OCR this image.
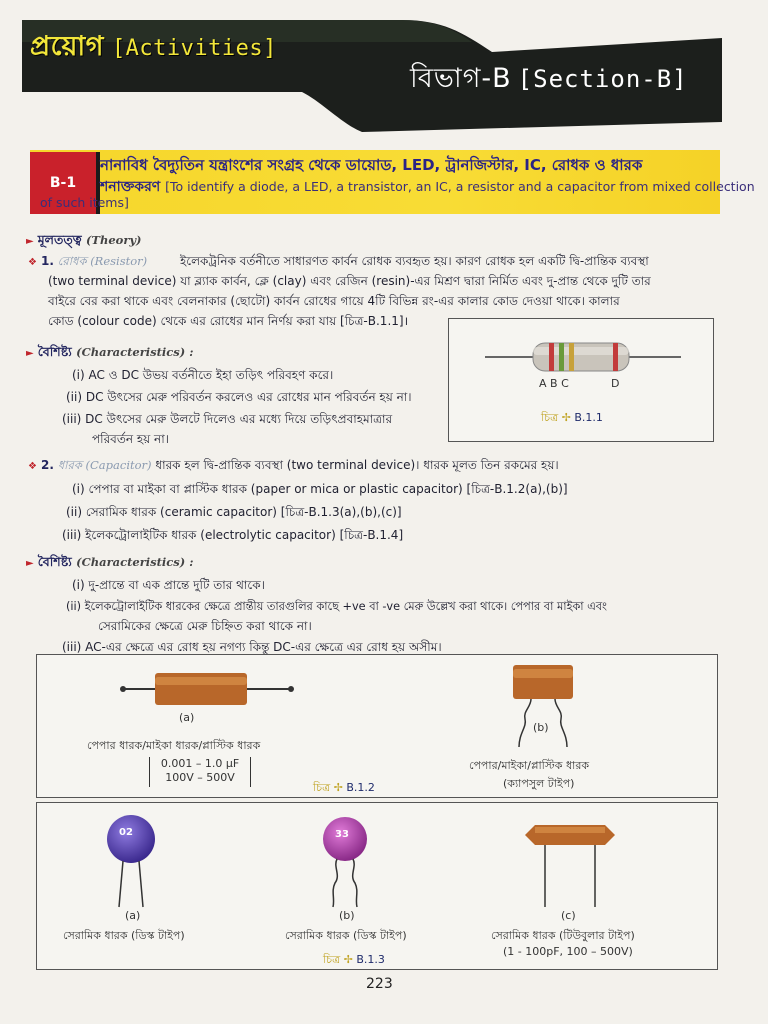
প্রয়োগ [Activities]
বিভাগ-B [Section-B]
B-1
নানাবিধ বৈদ্যুতিন যন্ত্রাংশের সংগ্রহ থেকে ডায়োড, LED, ট্রানজিস্টার, IC, রোধক ও ধারক
শনাক্তকরণ [To identify a diode, a LED, a transistor, an IC, a resistor and a capacitor from mixed collection
of such items]
► মূলতত্ত্ব (Theory)
❖ 1. রোধক (Resistor)	ইলেকট্রনিক বর্তনীতে সাধারণত কার্বন রোধক ব্যবহৃত হয়। কারণ রোধক হল একটি দ্বি-প্রান্তিক ব্যবস্থা
(two terminal device) যা ব্ল্যাক কার্বন, ক্লে (clay) এবং রেজিন (resin)-এর মিশ্রণ দ্বারা নির্মিত এবং দু-প্রান্ত থেকে দুটি তার
বাইরে বের করা থাকে এবং বেলনাকার (ছোটো) কার্বন রোধের গায়ে 4টি বিভিন্ন রং-এর কালার কোড দেওয়া থাকে। কালার
কোড (colour code) থেকে এর রোধের মান নির্ণয় করা যায় [চিত্র-B.1.1]।
► বৈশিষ্ট্য (Characteristics) :
(i) AC ও DC উভয় বর্তনীতে ইহা তড়িৎ পরিবহণ করে।
(ii) DC উৎসের মেরু পরিবর্তন করলেও এর রোধের মান পরিবর্তন হয় না।
(iii) DC উৎসের মেরু উলটে দিলেও এর মধ্যে দিয়ে তড়িৎপ্রবাহমাত্রার
পরিবর্তন হয় না।
A B C	D
চিত্র ✢ B.1.1
❖ 2. ধারক (Capacitor) ধারক হল দ্বি-প্রান্তিক ব্যবস্থা (two terminal device)। ধারক মূলত তিন রকমের হয়।
(i) পেপার বা মাইকা বা প্লাস্টিক ধারক (paper or mica or plastic capacitor) [চিত্র-B.1.2(a),(b)]
(ii) সেরামিক ধারক (ceramic capacitor) [চিত্র-B.1.3(a),(b),(c)]
(iii) ইলেকট্রোলাইটিক ধারক (electrolytic capacitor) [চিত্র-B.1.4]
► বৈশিষ্ট্য (Characteristics) :
(i) দু-প্রান্তে বা এক প্রান্তে দুটি তার থাকে।
(ii) ইলেকট্রোলাইটিক ধারকের ক্ষেত্রে প্রান্তীয় তারগুলির কাছে +ve বা -ve মেরু উল্লেখ করা থাকে। পেপার বা মাইকা এবং
সেরামিকের ক্ষেত্রে মেরু চিহ্নিত করা থাকে না।
(iii) AC-এর ক্ষেত্রে এর রোধ হয় নগণ্য কিন্তু DC-এর ক্ষেত্রে এর রোধ হয় অসীম।
(a)
পেপার ধারক/মাইকা ধারক/প্লাস্টিক ধারক
0.001 – 1.0 μF
100V – 500V
চিত্র ✢ B.1.2
(b)
পেপার/মাইকা/প্লাস্টিক ধারক
(ক্যাপসুল টাইপ)
02
(a)
সেরামিক ধারক (ডিস্ক টাইপ)
33
(b)
সেরামিক ধারক (ডিস্ক টাইপ)
চিত্র ✢ B.1.3
(c)
সেরামিক ধারক (টিউবুলার টাইপ)
(1 - 100pF, 100 – 500V)
223
